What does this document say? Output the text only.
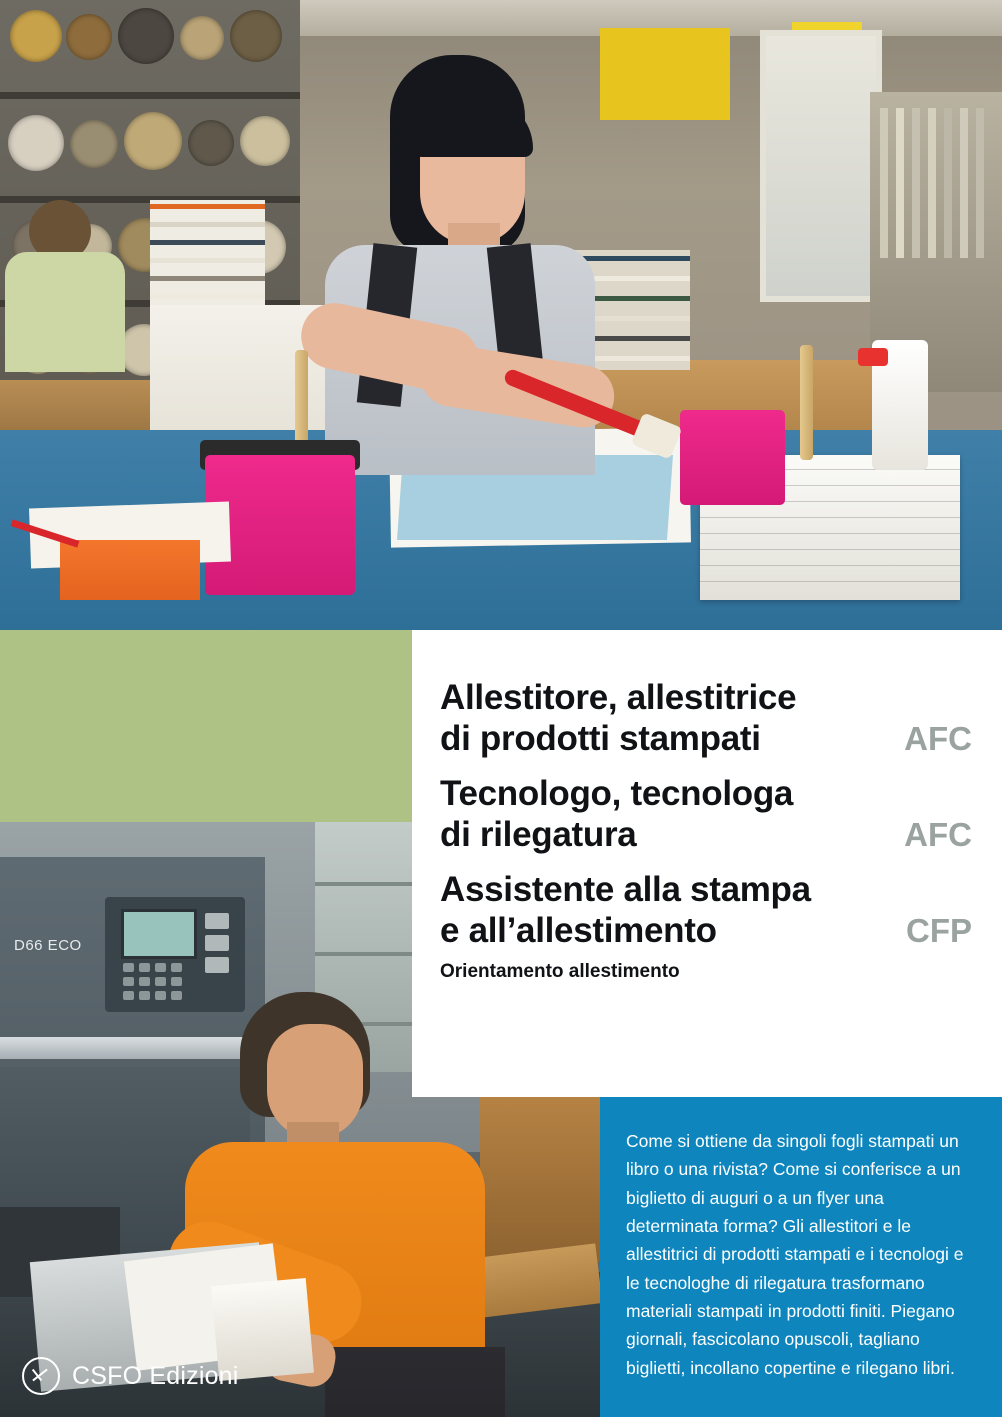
D66 ECO
CSFO Edizioni
Allestitore, allestitrice
di prodotti stampati	AFC
Tecnologo, tecnologa
di rilegatura	AFC
Assistente alla stampa
e all’allestimento	CFP
Orientamento allestimento

Come si ottiene da singoli fogli stampati un libro o una rivista? Come si conferisce a un biglietto di auguri o a un flyer una determinata forma? Gli allestitori e le allestitrici di prodotti stampati e i tecnologi e le tecnologhe di rilegatura trasformano materiali stampati in prodotti finiti. Piegano giornali, fascicolano opuscoli, tagliano biglietti, incollano copertine e rilegano libri.
